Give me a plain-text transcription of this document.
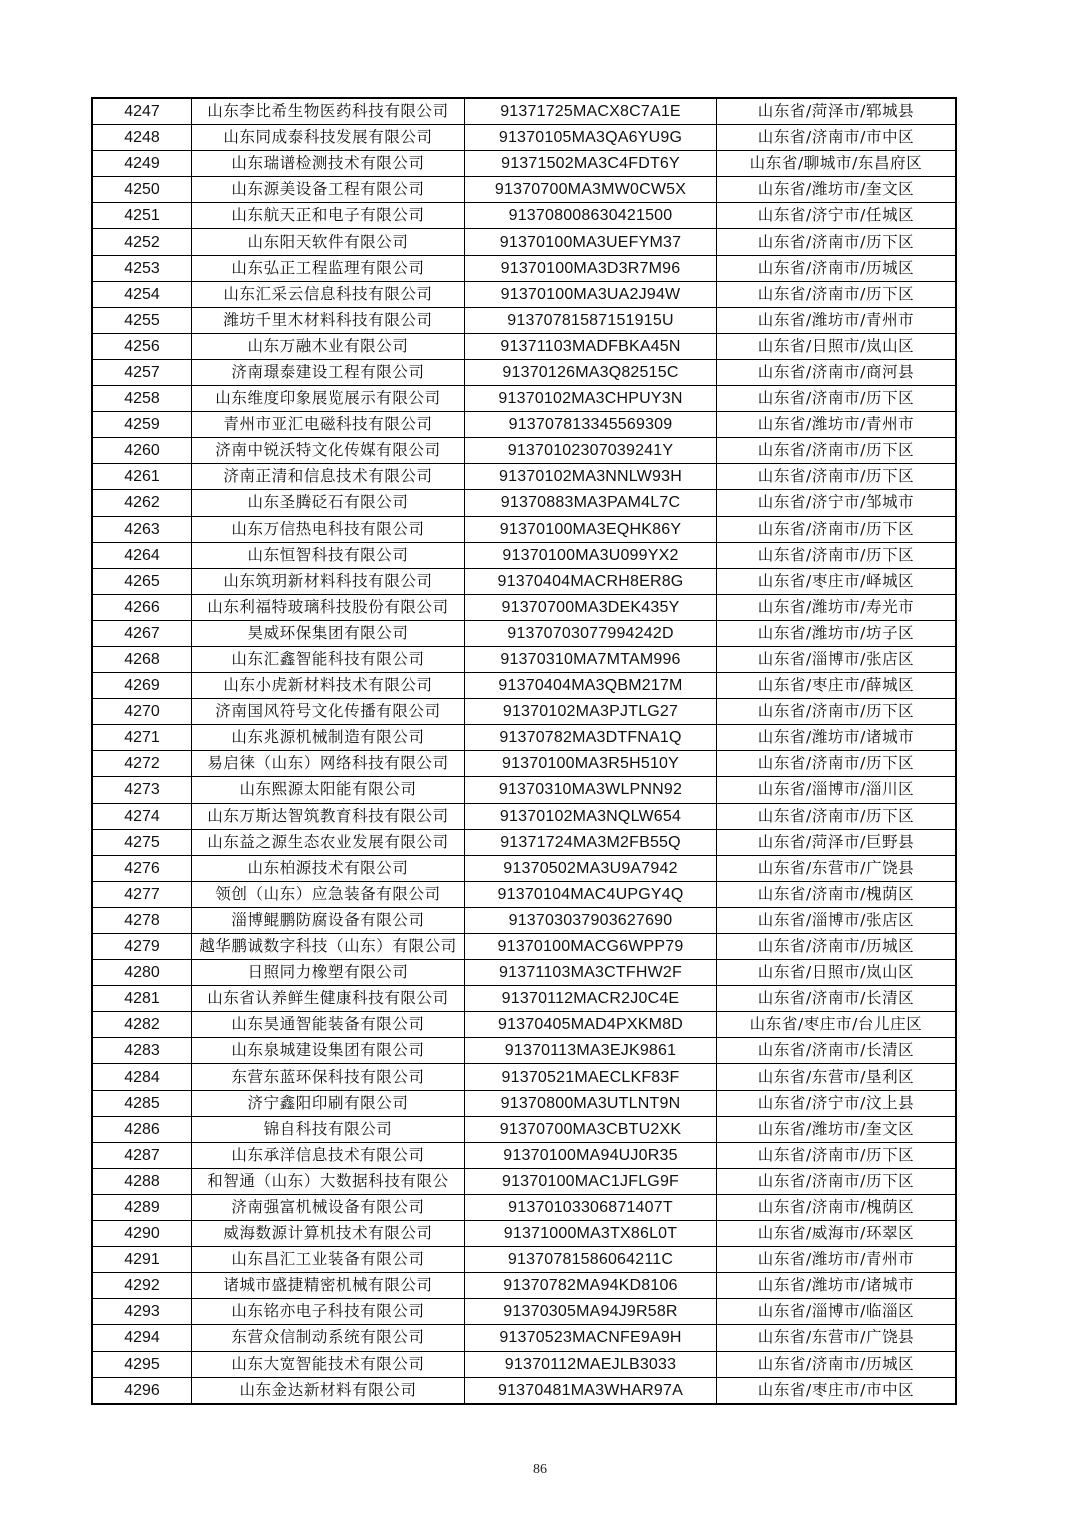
4247	山东李比希生物医药科技有限公司	91371725MACX8C7A1E	山东省/菏泽市/郓城县
4248	山东同成泰科技发展有限公司	91370105MA3QA6YU9G	山东省/济南市/市中区
4249	山东瑞谱检测技术有限公司	91371502MA3C4FDT6Y	山东省/聊城市/东昌府区
4250	山东源美设备工程有限公司	91370700MA3MW0CW5X	山东省/潍坊市/奎文区
4251	山东航天正和电子有限公司	913708008630421500	山东省/济宁市/任城区
4252	山东阳天软件有限公司	91370100MA3UEFYM37	山东省/济南市/历下区
4253	山东弘正工程监理有限公司	91370100MA3D3R7M96	山东省/济南市/历城区
4254	山东汇采云信息科技有限公司	91370100MA3UA2J94W	山东省/济南市/历下区
4255	潍坊千里木材料科技有限公司	91370781587151915U	山东省/潍坊市/青州市
4256	山东万融木业有限公司	91371103MADFBKA45N	山东省/日照市/岚山区
4257	济南璟泰建设工程有限公司	91370126MA3Q82515C	山东省/济南市/商河县
4258	山东维度印象展览展示有限公司	91370102MA3CHPUY3N	山东省/济南市/历下区
4259	青州市亚汇电磁科技有限公司	913707813345569309	山东省/潍坊市/青州市
4260	济南中锐沃特文化传媒有限公司	91370102307039241Y	山东省/济南市/历下区
4261	济南正清和信息技术有限公司	91370102MA3NNLW93H	山东省/济南市/历下区
4262	山东圣腾砭石有限公司	91370883MA3PAM4L7C	山东省/济宁市/邹城市
4263	山东万信热电科技有限公司	91370100MA3EQHK86Y	山东省/济南市/历下区
4264	山东恒智科技有限公司	91370100MA3U099YX2	山东省/济南市/历下区
4265	山东筑玥新材料科技有限公司	91370404MACRH8ER8G	山东省/枣庄市/峄城区
4266	山东利福特玻璃科技股份有限公司	91370700MA3DEK435Y	山东省/潍坊市/寿光市
4267	昊威环保集团有限公司	91370703077994242D	山东省/潍坊市/坊子区
4268	山东汇鑫智能科技有限公司	91370310MA7MTAM996	山东省/淄博市/张店区
4269	山东小虎新材料技术有限公司	91370404MA3QBM217M	山东省/枣庄市/薛城区
4270	济南国风符号文化传播有限公司	91370102MA3PJTLG27	山东省/济南市/历下区
4271	山东兆源机械制造有限公司	91370782MA3DTFNA1Q	山东省/潍坊市/诸城市
4272	易启徕（山东）网络科技有限公司	91370100MA3R5H510Y	山东省/济南市/历下区
4273	山东熙源太阳能有限公司	91370310MA3WLPNN92	山东省/淄博市/淄川区
4274	山东万斯达智筑教育科技有限公司	91370102MA3NQLW654	山东省/济南市/历下区
4275	山东益之源生态农业发展有限公司	91371724MA3M2FB55Q	山东省/菏泽市/巨野县
4276	山东柏源技术有限公司	91370502MA3U9A7942	山东省/东营市/广饶县
4277	领创（山东）应急装备有限公司	91370104MAC4UPGY4Q	山东省/济南市/槐荫区
4278	淄博鲲鹏防腐设备有限公司	913703037903627690	山东省/淄博市/张店区
4279	越华鹏诚数字科技（山东）有限公司	91370100MACG6WPP79	山东省/济南市/历城区
4280	日照同力橡塑有限公司	91371103MA3CTFHW2F	山东省/日照市/岚山区
4281	山东省认养鲜生健康科技有限公司	91370112MACR2J0C4E	山东省/济南市/长清区
4282	山东昊通智能装备有限公司	91370405MAD4PXKM8D	山东省/枣庄市/台儿庄区
4283	山东泉城建设集团有限公司	91370113MA3EJK9861	山东省/济南市/长清区
4284	东营东蓝环保科技有限公司	91370521MAECLKF83F	山东省/东营市/垦利区
4285	济宁鑫阳印刷有限公司	91370800MA3UTLNT9N	山东省/济宁市/汶上县
4286	锦自科技有限公司	91370700MA3CBTU2XK	山东省/潍坊市/奎文区
4287	山东承洋信息技术有限公司	91370100MA94UJ0R35	山东省/济南市/历下区
4288	和智通（山东）大数据科技有限公	91370100MAC1JFLG9F	山东省/济南市/历下区
4289	济南强富机械设备有限公司	91370103306871407T	山东省/济南市/槐荫区
4290	威海数源计算机技术有限公司	91371000MA3TX86L0T	山东省/威海市/环翠区
4291	山东昌汇工业装备有限公司	91370781586064211C	山东省/潍坊市/青州市
4292	诸城市盛捷精密机械有限公司	91370782MA94KD8106	山东省/潍坊市/诸城市
4293	山东铭亦电子科技有限公司	91370305MA94J9R58R	山东省/淄博市/临淄区
4294	东营众信制动系统有限公司	91370523MACNFE9A9H	山东省/东营市/广饶县
4295	山东大宽智能技术有限公司	91370112MAEJLB3033	山东省/济南市/历城区
4296	山东金达新材料有限公司	91370481MA3WHAR97A	山东省/枣庄市/市中区
86
